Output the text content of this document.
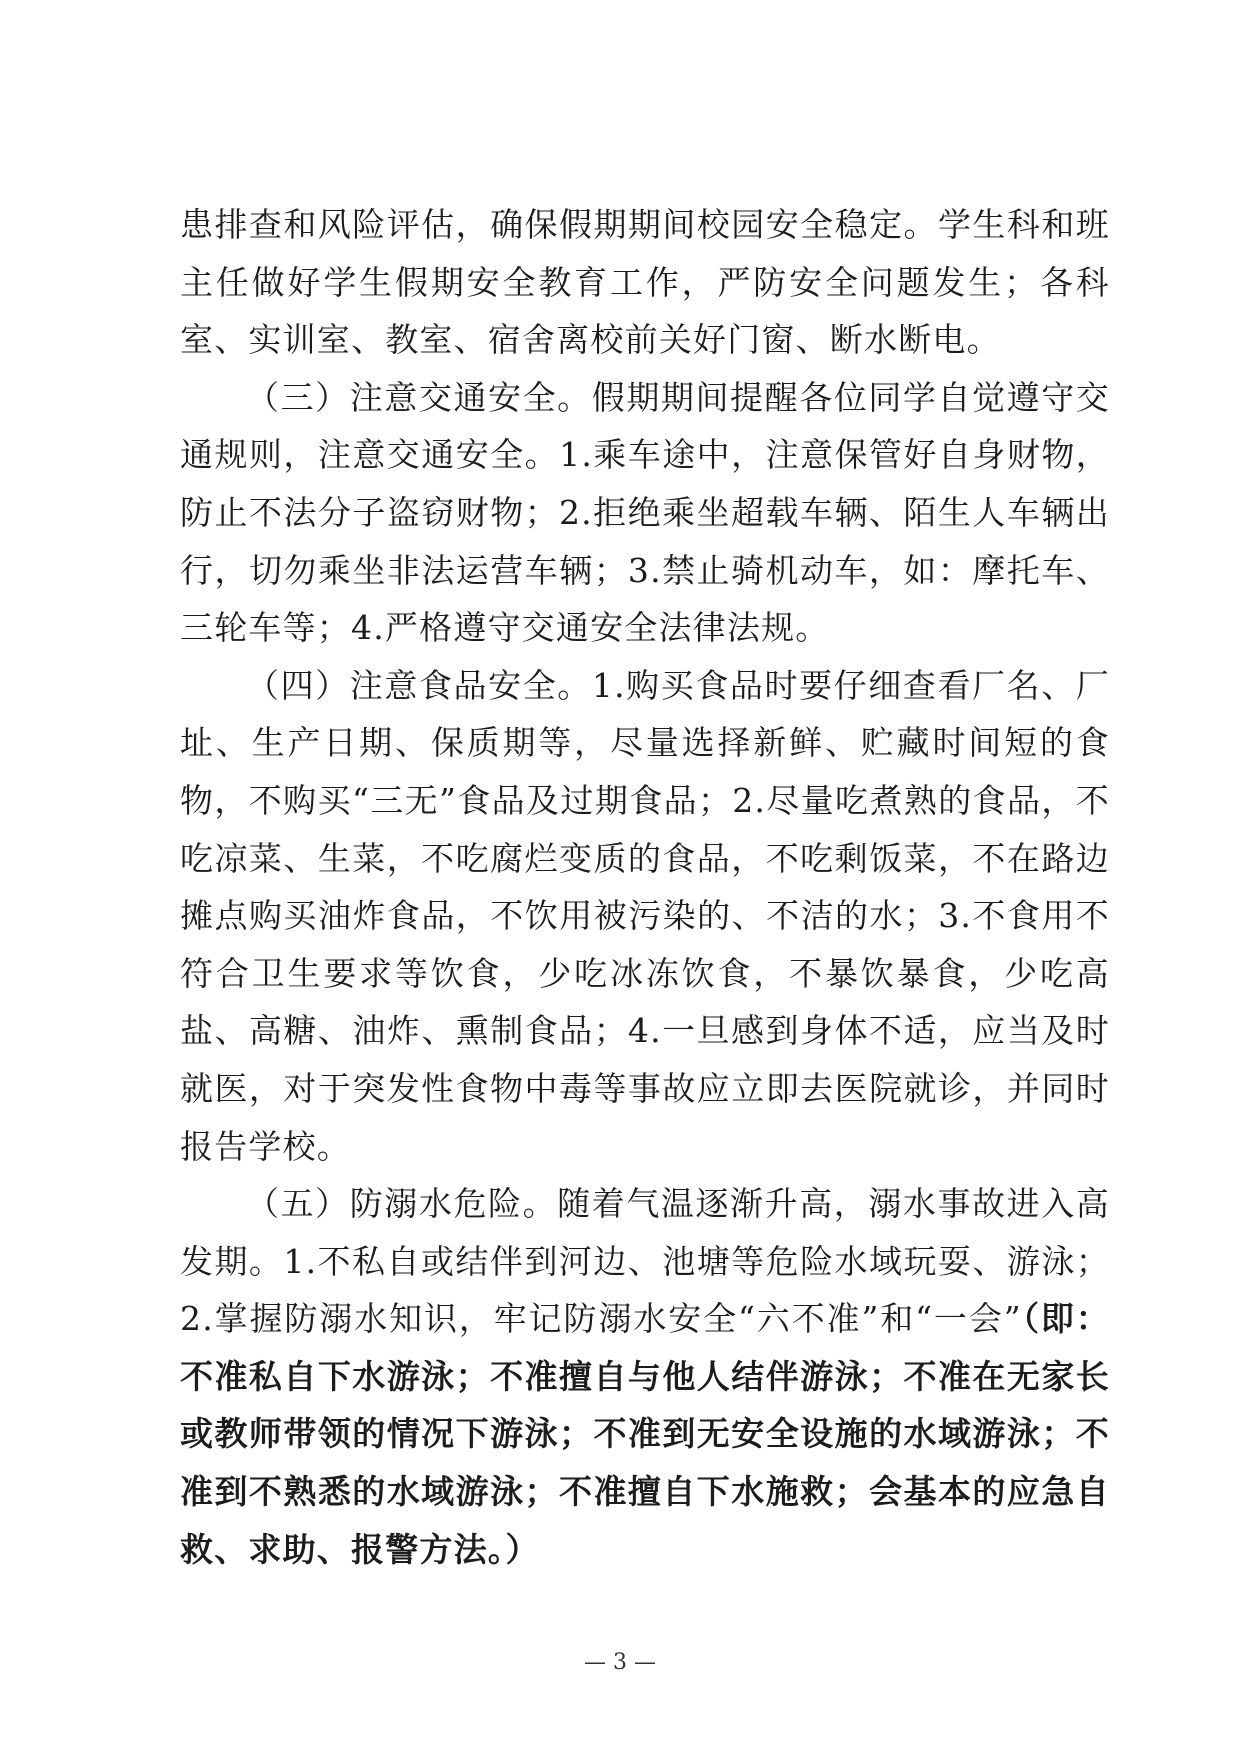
患排查和风险评估，确保假期期间校园安全稳定。学生科和班主任做好学生假期安全教育工作，严防安全问题发生；各科室、实训室、教室、宿舍离校前关好门窗、断水断电。

（三）注意交通安全。假期期间提醒各位同学自觉遵守交通规则，注意交通安全。1.乘车途中，注意保管好自身财物，防止不法分子盗窃财物；2.拒绝乘坐超载车辆、陌生人车辆出行，切勿乘坐非法运营车辆；3.禁止骑机动车，如：摩托车、三轮车等；4.严格遵守交通安全法律法规。

（四）注意食品安全。1.购买食品时要仔细查看厂名、厂址、生产日期、保质期等，尽量选择新鲜、贮藏时间短的食物，不购买“三无”食品及过期食品；2.尽量吃煮熟的食品，不吃凉菜、生菜，不吃腐烂变质的食品，不吃剩饭菜，不在路边摊点购买油炸食品，不饮用被污染的、不洁的水；3.不食用不符合卫生要求等饮食，少吃冰冻饮食，不暴饮暴食，少吃高盐、高糖、油炸、熏制食品；4.一旦感到身体不适，应当及时就医，对于突发性食物中毒等事故应立即去医院就诊，并同时报告学校。

（五）防溺水危险。随着气温逐渐升高，溺水事故进入高发期。1.不私自或结伴到河边、池塘等危险水域玩耍、游泳；2.掌握防溺水知识，牢记防溺水安全“六不准”和“一会”（即：不准私自下水游泳；不准擅自与他人结伴游泳；不准在无家长或教师带领的情况下游泳；不准到无安全设施的水域游泳；不准到不熟悉的水域游泳；不准擅自下水施救；会基本的应急自救、求助、报警方法。）

— 3 —
